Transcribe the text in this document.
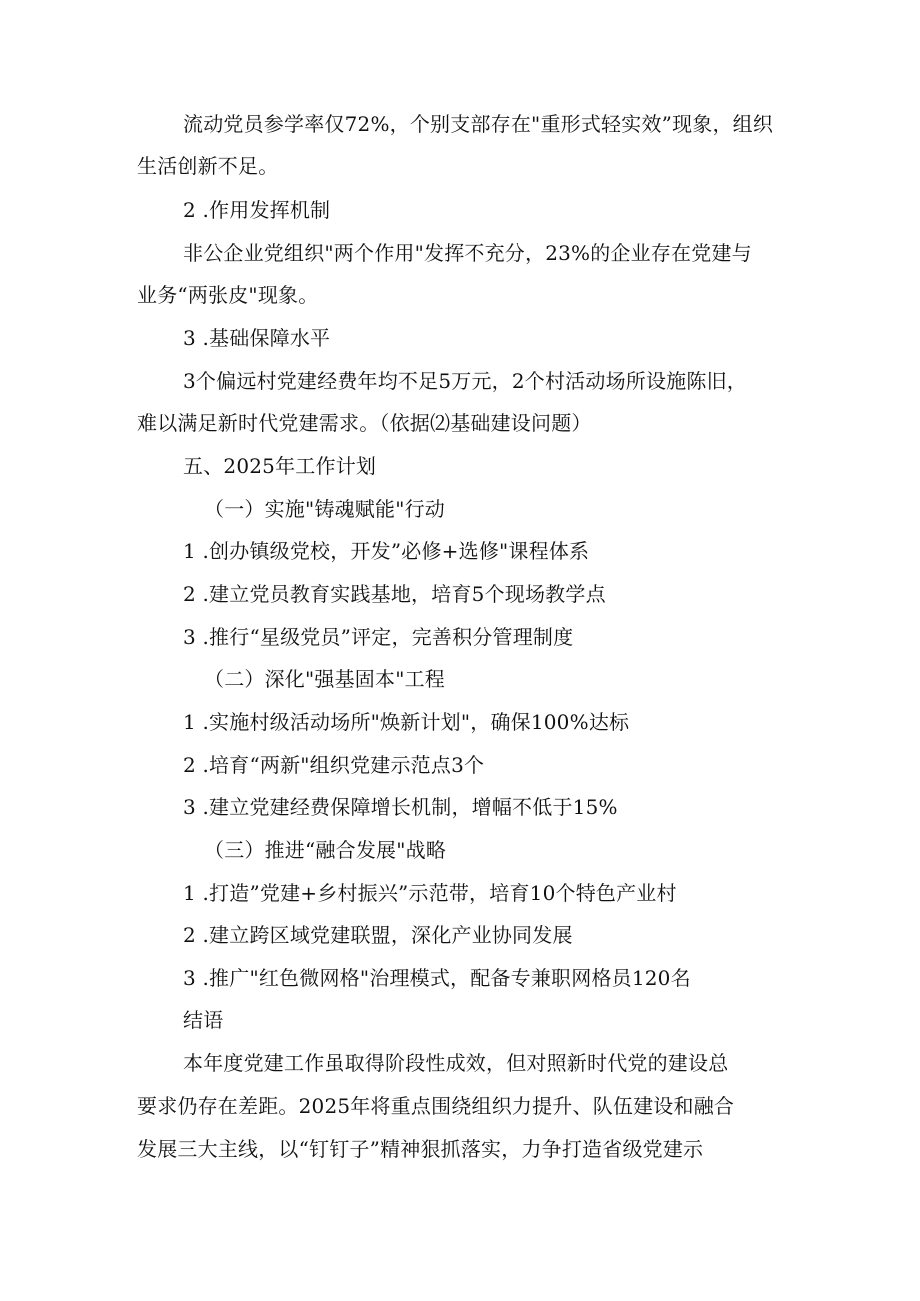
流动党员参学率仅72%，个别支部存在"重形式轻实效”现象，组织
生活创新不足。
2 .作用发挥机制
非公企业党组织"两个作用"发挥不充分，23%的企业存在党建与
业务“两张皮"现象。
3 .基础保障水平
3个偏远村党建经费年均不足5万元，2个村活动场所设施陈旧，
难以满足新时代党建需求。（依据⑵基础建设问题）
五、2025年工作计划
（一）实施"铸魂赋能"行动
1 .创办镇级党校，开发”必修+选修"课程体系
2 .建立党员教育实践基地，培育5个现场教学点
3 .推行“星级党员”评定，完善积分管理制度
（二）深化"强基固本"工程
1 .实施村级活动场所"焕新计划"，确保100%达标
2 .培育“两新"组织党建示范点3个
3 .建立党建经费保障增长机制，增幅不低于15%
（三）推进“融合发展"战略
1 .打造”党建+乡村振兴”示范带，培育10个特色产业村
2 .建立跨区域党建联盟，深化产业协同发展
3 .推广"红色微网格"治理模式，配备专兼职网格员120名
结语
本年度党建工作虽取得阶段性成效，但对照新时代党的建设总
要求仍存在差距。2025年将重点围绕组织力提升、队伍建设和融合
发展三大主线，以“钉钉子”精神狠抓落实，力争打造省级党建示
